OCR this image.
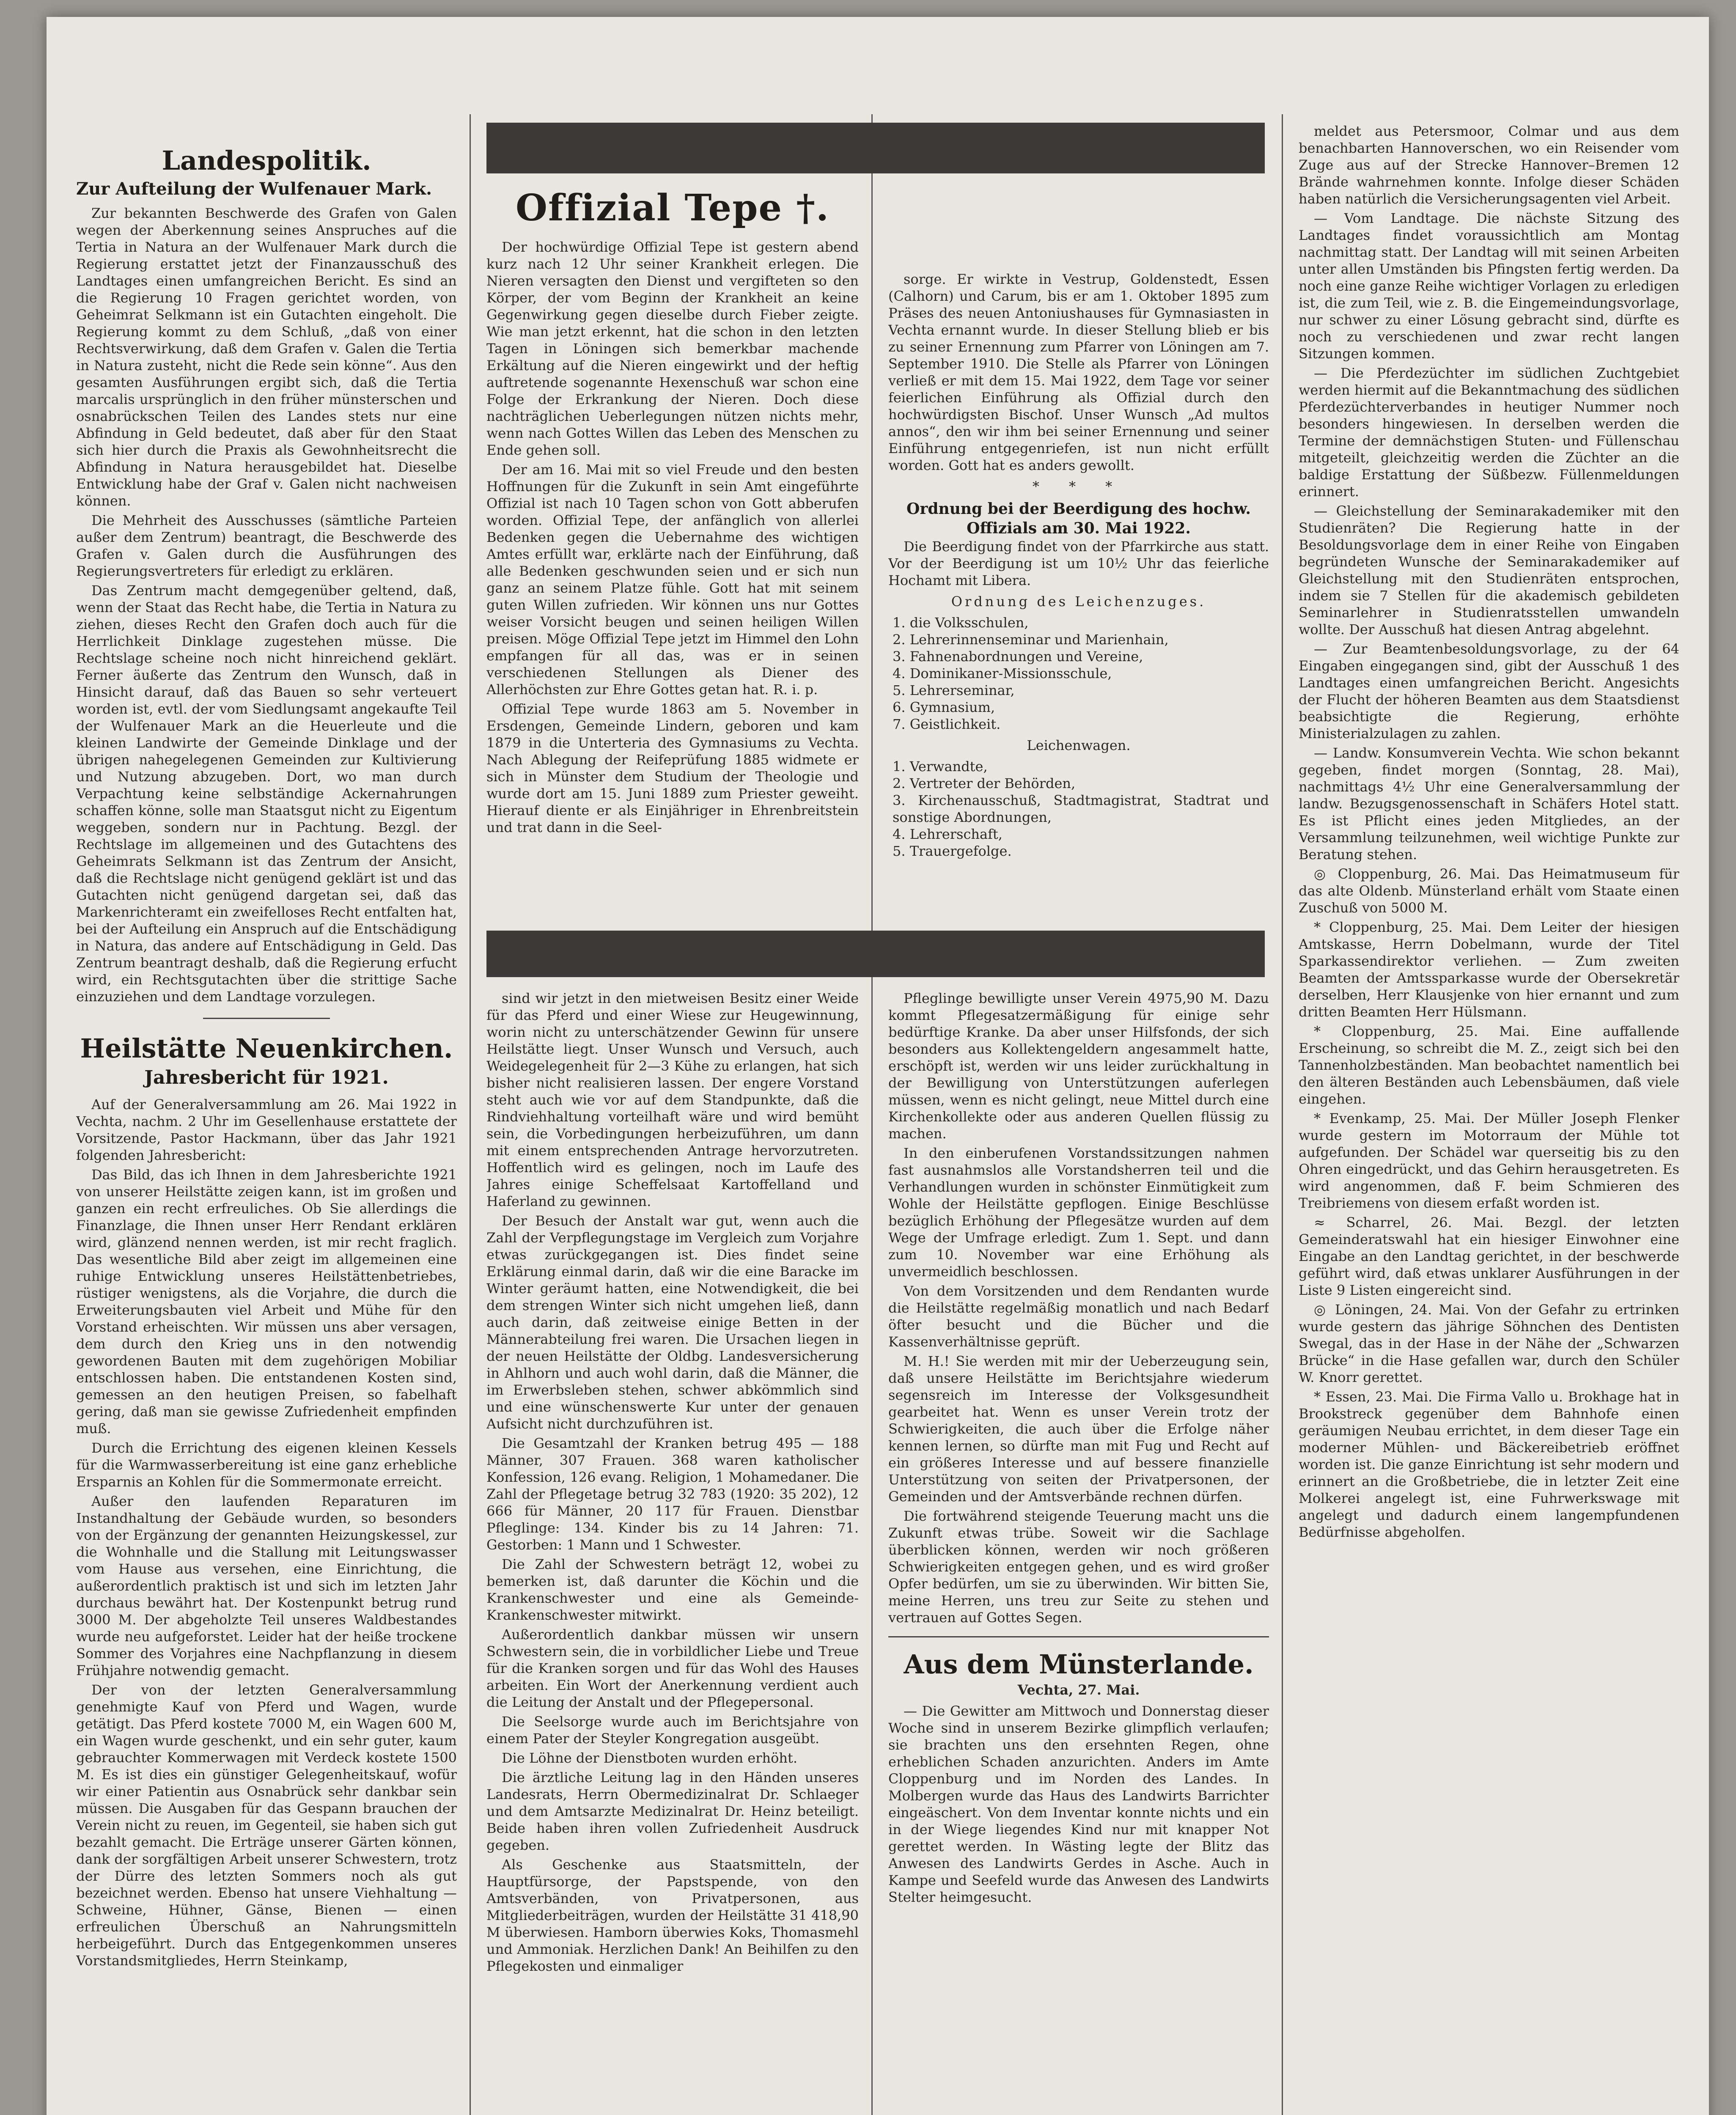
Landespolitik.
Zur Aufteilung der Wulfenauer Mark.

Zur bekannten Beschwerde des Grafen von Galen wegen der Aberkennung seines Anspruches auf die Tertia in Natura an der Wulfenauer Mark durch die Regierung erstattet jetzt der Finanzausschuß des Landtages einen umfangreichen Bericht. Es sind an die Regierung 10 Fragen gerichtet worden, von Geheimrat Selkmann ist ein Gutachten eingeholt. Die Regierung kommt zu dem Schluß, „daß von einer Rechtsverwirkung, daß dem Grafen v. Galen die Tertia in Natura zusteht, nicht die Rede sein könne“. Aus den gesamten Ausführungen ergibt sich, daß die Tertia marcalis ursprünglich in den früher münsterschen und osnabrückschen Teilen des Landes stets nur eine Abfindung in Geld bedeutet, daß aber für den Staat sich hier durch die Praxis als Gewohnheitsrecht die Abfindung in Natura herausgebildet hat. Dieselbe Entwicklung habe der Graf v. Galen nicht nachweisen können.

Die Mehrheit des Ausschusses (sämtliche Parteien außer dem Zentrum) beantragt, die Beschwerde des Grafen v. Galen durch die Ausführungen des Regierungsvertreters für erledigt zu erklären.

Das Zentrum macht demgegenüber geltend, daß, wenn der Staat das Recht habe, die Tertia in Natura zu ziehen, dieses Recht den Grafen doch auch für die Herrlichkeit Dinklage zugestehen müsse. Die Rechtslage scheine noch nicht hinreichend geklärt. Ferner äußerte das Zentrum den Wunsch, daß in Hinsicht darauf, daß das Bauen so sehr verteuert worden ist, evtl. der vom Siedlungsamt angekaufte Teil der Wulfenauer Mark an die Heuerleute und die kleinen Landwirte der Gemeinde Dinklage und der übrigen nahegelegenen Gemeinden zur Kultivierung und Nutzung abzugeben. Dort, wo man durch Verpachtung keine selbständige Ackernahrungen schaffen könne, solle man Staatsgut nicht zu Eigentum weggeben, sondern nur in Pachtung. Bezgl. der Rechtslage im allgemeinen und des Gutachtens des Geheimrats Selkmann ist das Zentrum der Ansicht, daß die Rechtslage nicht genügend geklärt ist und das Gutachten nicht genügend dargetan sei, daß das Markenrichteramt ein zweifelloses Recht entfalten hat, bei der Aufteilung ein Anspruch auf die Entschädigung in Natura, das andere auf Entschädigung in Geld. Das Zentrum beantragt deshalb, daß die Regierung erfucht wird, ein Rechtsgutachten über die strittige Sache einzuziehen und dem Landtage vorzulegen.

Heilstätte Neuenkirchen.
Jahresbericht für 1921.

Auf der Generalversammlung am 26. Mai 1922 in Vechta, nachm. 2 Uhr im Gesellenhause erstattete der Vorsitzende, Pastor Hackmann, über das Jahr 1921 folgenden Jahresbericht:

Das Bild, das ich Ihnen in dem Jahresberichte 1921 von unserer Heilstätte zeigen kann, ist im großen und ganzen ein recht erfreuliches. Ob Sie allerdings die Finanzlage, die Ihnen unser Herr Rendant erklären wird, glänzend nennen werden, ist mir recht fraglich. Das wesentliche Bild aber zeigt im allgemeinen eine ruhige Entwicklung unseres Heilstättenbetriebes, rüstiger wenigstens, als die Vorjahre, die durch die Erweiterungsbauten viel Arbeit und Mühe für den Vorstand erheischten. Wir müssen uns aber versagen, dem durch den Krieg uns in den notwendig gewordenen Bauten mit dem zugehörigen Mobiliar entschlossen haben. Die entstandenen Kosten sind, gemessen an den heutigen Preisen, so fabelhaft gering, daß man sie gewisse Zufriedenheit empfinden muß.

Durch die Errichtung des eigenen kleinen Kessels für die Warmwasserbereitung ist eine ganz erhebliche Ersparnis an Kohlen für die Sommermonate erreicht.

Außer den laufenden Reparaturen im Instandhaltung der Gebäude wurden, so besonders von der Ergänzung der genannten Heizungskessel, zur die Wohnhalle und die Stallung mit Leitungswasser vom Hause aus versehen, eine Einrichtung, die außerordentlich praktisch ist und sich im letzten Jahr durchaus bewährt hat. Der Kostenpunkt betrug rund 3000 M. Der abgeholzte Teil unseres Waldbestandes wurde neu aufgeforstet. Leider hat der heiße trockene Sommer des Vorjahres eine Nachpflanzung in diesem Frühjahre notwendig gemacht.

Der von der letzten Generalversammlung genehmigte Kauf von Pferd und Wagen, wurde getätigt. Das Pferd kostete 7000 M, ein Wagen 600 M, ein Wagen wurde geschenkt, und ein sehr guter, kaum gebrauchter Kommerwagen mit Verdeck kostete 1500 M. Es ist dies ein günstiger Gelegenheitskauf, wofür wir einer Patientin aus Osnabrück sehr dankbar sein müssen. Die Ausgaben für das Gespann brauchen der Verein nicht zu reuen, im Gegenteil, sie haben sich gut bezahlt gemacht. Die Erträge unserer Gärten können, dank der sorgfältigen Arbeit unserer Schwestern, trotz der Dürre des letzten Sommers noch als gut bezeichnet werden. Ebenso hat unsere Viehhaltung — Schweine, Hühner, Gänse, Bienen — einen erfreulichen Überschuß an Nahrungsmitteln herbeigeführt. Durch das Entgegenkommen unseres Vorstandsmitgliedes, Herrn Steinkamp,

Offizial Tepe †.

Der hochwürdige Offizial Tepe ist gestern abend kurz nach 12 Uhr seiner Krankheit erlegen. Die Nieren versagten den Dienst und vergifteten so den Körper, der vom Beginn der Krankheit an keine Gegenwirkung gegen dieselbe durch Fieber zeigte. Wie man jetzt erkennt, hat die schon in den letzten Tagen in Löningen sich bemerkbar machende Erkältung auf die Nieren eingewirkt und der heftig auftretende sogenannte Hexenschuß war schon eine Folge der Erkrankung der Nieren. Doch diese nachträglichen Ueberlegungen nützen nichts mehr, wenn nach Gottes Willen das Leben des Menschen zu Ende gehen soll.

Der am 16. Mai mit so viel Freude und den besten Hoffnungen für die Zukunft in sein Amt eingeführte Offizial ist nach 10 Tagen schon von Gott abberufen worden. Offizial Tepe, der anfänglich von allerlei Bedenken gegen die Uebernahme des wichtigen Amtes erfüllt war, erklärte nach der Einführung, daß alle Bedenken geschwunden seien und er sich nun ganz an seinem Platze fühle. Gott hat mit seinem guten Willen zufrieden. Wir können uns nur Gottes weiser Vorsicht beugen und seinen heiligen Willen preisen. Möge Offizial Tepe jetzt im Himmel den Lohn empfangen für all das, was er in seinen verschiedenen Stellungen als Diener des Allerhöchsten zur Ehre Gottes getan hat. R. i. p.

Offizial Tepe wurde 1863 am 5. November in Ersdengen, Gemeinde Lindern, geboren und kam 1879 in die Unterteria des Gymnasiums zu Vechta. Nach Ablegung der Reifeprüfung 1885 widmete er sich in Münster dem Studium der Theologie und wurde dort am 15. Juni 1889 zum Priester geweiht. Hierauf diente er als Einjähriger in Ehrenbreitstein und trat dann in die Seel-

sind wir jetzt in den mietweisen Besitz einer Weide für das Pferd und einer Wiese zur Heugewinnung, worin nicht zu unterschätzender Gewinn für unsere Heilstätte liegt. Unser Wunsch und Versuch, auch Weidegelegenheit für 2—3 Kühe zu erlangen, hat sich bisher nicht realisieren lassen. Der engere Vorstand steht auch wie vor auf dem Standpunkte, daß die Rindviehhaltung vorteilhaft wäre und wird bemüht sein, die Vorbedingungen herbeizuführen, um dann mit einem entsprechenden Antrage hervorzutreten. Hoffentlich wird es gelingen, noch im Laufe des Jahres einige Scheffelsaat Kartoffelland und Haferland zu gewinnen.

Der Besuch der Anstalt war gut, wenn auch die Zahl der Verpflegungstage im Vergleich zum Vorjahre etwas zurückgegangen ist. Dies findet seine Erklärung einmal darin, daß wir die eine Baracke im Winter geräumt hatten, eine Notwendigkeit, die bei dem strengen Winter sich nicht umgehen ließ, dann auch darin, daß zeitweise einige Betten in der Männerabteilung frei waren. Die Ursachen liegen in der neuen Heilstätte der Oldbg. Landesversicherung in Ahlhorn und auch wohl darin, daß die Männer, die im Erwerbsleben stehen, schwer abkömmlich sind und eine wünschenswerte Kur unter der genauen Aufsicht nicht durchzuführen ist.

Die Gesamtzahl der Kranken betrug 495 — 188 Männer, 307 Frauen. 368 waren katholischer Konfession, 126 evang. Religion, 1 Mohamedaner. Die Zahl der Pflegetage betrug 32 783 (1920: 35 202), 12 666 für Männer, 20 117 für Frauen. Dienstbar Pfleglinge: 134. Kinder bis zu 14 Jahren: 71. Gestorben: 1 Mann und 1 Schwester.

Die Zahl der Schwestern beträgt 12, wobei zu bemerken ist, daß darunter die Köchin und die Krankenschwester und eine als Gemeinde-Krankenschwester mitwirkt.

Außerordentlich dankbar müssen wir unsern Schwestern sein, die in vorbildlicher Liebe und Treue für die Kranken sorgen und für das Wohl des Hauses arbeiten. Ein Wort der Anerkennung verdient auch die Leitung der Anstalt und der Pflegepersonal.

Die Seelsorge wurde auch im Berichtsjahre von einem Pater der Steyler Kongregation ausgeübt.

Die Löhne der Dienstboten wurden erhöht.

Die ärztliche Leitung lag in den Händen unseres Landesrats, Herrn Obermedizinalrat Dr. Schlaeger und dem Amtsarzte Medizinalrat Dr. Heinz beteiligt. Beide haben ihren vollen Zufriedenheit Ausdruck gegeben.

Als Geschenke aus Staatsmitteln, der Hauptfürsorge, der Papstspende, von den Amtsverbänden, von Privatpersonen, aus Mitgliederbeiträgen, wurden der Heilstätte 31 418,90 M überwiesen. Hamborn überwies Koks, Thomasmehl und Ammoniak. Herzlichen Dank! An Beihilfen zu den Pflegekosten und einmaliger

sorge. Er wirkte in Vestrup, Goldenstedt, Essen (Calhorn) und Carum, bis er am 1. Oktober 1895 zum Präses des neuen Antoniushauses für Gymnasiasten in Vechta ernannt wurde. In dieser Stellung blieb er bis zu seiner Ernennung zum Pfarrer von Löningen am 7. September 1910. Die Stelle als Pfarrer von Löningen verließ er mit dem 15. Mai 1922, dem Tage vor seiner feierlichen Einführung als Offizial durch den hochwürdigsten Bischof. Unser Wunsch „Ad multos annos“, den wir ihm bei seiner Ernennung und seiner Einführung entgegenriefen, ist nun nicht erfüllt worden. Gott hat es anders gewollt.

* * *
Ordnung bei der Beerdigung des hochw. Offizials am 30. Mai 1922.

Die Beerdigung findet von der Pfarrkirche aus statt. Vor der Beerdigung ist um 10½ Uhr das feierliche Hochamt mit Libera.

Ordnung des Leichenzuges.
1. die Volksschulen,
2. Lehrerinnenseminar und Marienhain,
3. Fahnenabordnungen und Vereine,
4. Dominikaner-Missionsschule,
5. Lehrerseminar,
6. Gymnasium,
7. Geistlichkeit.
Leichenwagen.
1. Verwandte,
2. Vertreter der Behörden,
3. Kirchenausschuß, Stadtmagistrat, Stadtrat und sonstige Abordnungen,
4. Lehrerschaft,
5. Trauergefolge.

Pfleglinge bewilligte unser Verein 4975,90 M. Dazu kommt Pflegesatzermäßigung für einige sehr bedürftige Kranke. Da aber unser Hilfsfonds, der sich besonders aus Kollektengeldern angesammelt hatte, erschöpft ist, werden wir uns leider zurückhaltung in der Bewilligung von Unterstützungen auferlegen müssen, wenn es nicht gelingt, neue Mittel durch eine Kirchenkollekte oder aus anderen Quellen flüssig zu machen.

In den einberufenen Vorstandssitzungen nahmen fast ausnahmslos alle Vorstandsherren teil und die Verhandlungen wurden in schönster Einmütigkeit zum Wohle der Heilstätte gepflogen. Einige Beschlüsse bezüglich Erhöhung der Pflegesätze wurden auf dem Wege der Umfrage erledigt. Zum 1. Sept. und dann zum 10. November war eine Erhöhung als unvermeidlich beschlossen.

Von dem Vorsitzenden und dem Rendanten wurde die Heilstätte regelmäßig monatlich und nach Bedarf öfter besucht und die Bücher und die Kassenverhältnisse geprüft.

M. H.! Sie werden mit mir der Ueberzeugung sein, daß unsere Heilstätte im Berichtsjahre wiederum segensreich im Interesse der Volksgesundheit gearbeitet hat. Wenn es unser Verein trotz der Schwierigkeiten, die auch über die Erfolge näher kennen lernen, so dürfte man mit Fug und Recht auf ein größeres Interesse und auf bessere finanzielle Unterstützung von seiten der Privatpersonen, der Gemeinden und der Amtsverbände rechnen dürfen.

Die fortwährend steigende Teuerung macht uns die Zukunft etwas trübe. Soweit wir die Sachlage überblicken können, werden wir noch größeren Schwierigkeiten entgegen gehen, und es wird großer Opfer bedürfen, um sie zu überwinden. Wir bitten Sie, meine Herren, uns treu zur Seite zu stehen und vertrauen auf Gottes Segen.

Aus dem Münsterlande.
Vechta, 27. Mai.

— Die Gewitter am Mittwoch und Donnerstag dieser Woche sind in unserem Bezirke glimpflich verlaufen; sie brachten uns den ersehnten Regen, ohne erheblichen Schaden anzurichten. Anders im Amte Cloppenburg und im Norden des Landes. In Molbergen wurde das Haus des Landwirts Barrichter eingeäschert. Von dem Inventar konnte nichts und ein in der Wiege liegendes Kind nur mit knapper Not gerettet werden. In Wästing legte der Blitz das Anwesen des Landwirts Gerdes in Asche. Auch in Kampe und Seefeld wurde das Anwesen des Landwirts Stelter heimgesucht.

meldet aus Petersmoor, Colmar und aus dem benachbarten Hannoverschen, wo ein Reisender vom Zuge aus auf der Strecke Hannover–Bremen 12 Brände wahrnehmen konnte. Infolge dieser Schäden haben natürlich die Versicherungsagenten viel Arbeit.

— Vom Landtage. Die nächste Sitzung des Landtages findet voraussichtlich am Montag nachmittag statt. Der Landtag will mit seinen Arbeiten unter allen Umständen bis Pfingsten fertig werden. Da noch eine ganze Reihe wichtiger Vorlagen zu erledigen ist, die zum Teil, wie z. B. die Eingemeindungsvorlage, nur schwer zu einer Lösung gebracht sind, dürfte es noch zu verschiedenen und zwar recht langen Sitzungen kommen.

— Die Pferdezüchter im südlichen Zuchtgebiet werden hiermit auf die Bekanntmachung des südlichen Pferdezüchterverbandes in heutiger Nummer noch besonders hingewiesen. In derselben werden die Termine der demnächstigen Stuten- und Füllenschau mitgeteilt, gleichzeitig werden die Züchter an die baldige Erstattung der Süßbezw. Füllenmeldungen erinnert.

— Gleichstellung der Seminarakademiker mit den Studienräten? Die Regierung hatte in der Besoldungsvorlage dem in einer Reihe von Eingaben begründeten Wunsche der Seminarakademiker auf Gleichstellung mit den Studienräten entsprochen, indem sie 7 Stellen für die akademisch gebildeten Seminarlehrer in Studienratsstellen umwandeln wollte. Der Ausschuß hat diesen Antrag abgelehnt.

— Zur Beamtenbesoldungsvorlage, zu der 64 Eingaben eingegangen sind, gibt der Ausschuß 1 des Landtages einen umfangreichen Bericht. Angesichts der Flucht der höheren Beamten aus dem Staatsdienst beabsichtigte die Regierung, erhöhte Ministerialzulagen zu zahlen.

— Landw. Konsumverein Vechta. Wie schon bekannt gegeben, findet morgen (Sonntag, 28. Mai), nachmittags 4½ Uhr eine Generalversammlung der landw. Bezugsgenossenschaft in Schäfers Hotel statt. Es ist Pflicht eines jeden Mitgliedes, an der Versammlung teilzunehmen, weil wichtige Punkte zur Beratung stehen.

◎ Cloppenburg, 26. Mai. Das Heimatmuseum für das alte Oldenb. Münsterland erhält vom Staate einen Zuschuß von 5000 M.

* Cloppenburg, 25. Mai. Dem Leiter der hiesigen Amtskasse, Herrn Dobelmann, wurde der Titel Sparkassendirektor verliehen. — Zum zweiten Beamten der Amtssparkasse wurde der Obersekretär derselben, Herr Klausjenke von hier ernannt und zum dritten Beamten Herr Hülsmann.

* Cloppenburg, 25. Mai. Eine auffallende Erscheinung, so schreibt die M. Z., zeigt sich bei den Tannenholzbeständen. Man beobachtet namentlich bei den älteren Beständen auch Lebensbäumen, daß viele eingehen.

* Evenkamp, 25. Mai. Der Müller Joseph Flenker wurde gestern im Motorraum der Mühle tot aufgefunden. Der Schädel war querseitig bis zu den Ohren eingedrückt, und das Gehirn herausgetreten. Es wird angenommen, daß F. beim Schmieren des Treibriemens von diesem erfaßt worden ist.

≈ Scharrel, 26. Mai. Bezgl. der letzten Gemeinderatswahl hat ein hiesiger Einwohner eine Eingabe an den Landtag gerichtet, in der beschwerde geführt wird, daß etwas unklarer Ausführungen in der Liste 9 Listen eingereicht sind.

◎ Löningen, 24. Mai. Von der Gefahr zu ertrinken wurde gestern das jährige Söhnchen des Dentisten Swegal, das in der Hase in der Nähe der „Schwarzen Brücke“ in die Hase gefallen war, durch den Schüler W. Knorr gerettet.

* Essen, 23. Mai. Die Firma Vallo u. Brokhage hat in Brookstreck gegenüber dem Bahnhofe einen geräumigen Neubau errichtet, in dem dieser Tage ein moderner Mühlen- und Bäckereibetrieb eröffnet worden ist. Die ganze Einrichtung ist sehr modern und erinnert an die Großbetriebe, die in letzter Zeit eine Molkerei angelegt ist, eine Fuhrwerkswage mit angelegt und dadurch einem langempfundenen Bedürfnisse abgeholfen.
